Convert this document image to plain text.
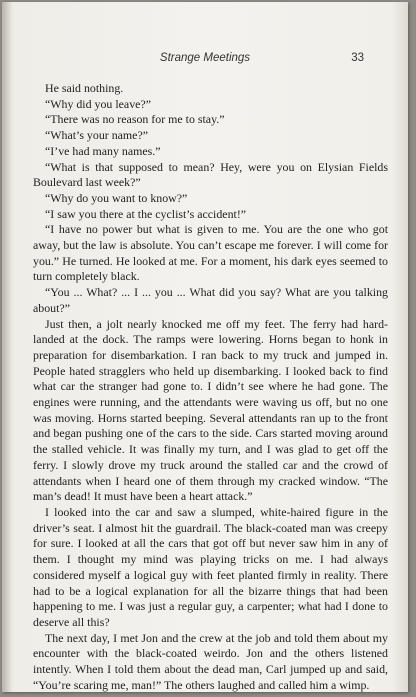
Strange Meetings	33

He said nothing.

“Why did you leave?”

“There was no reason for me to stay.”

“What’s your name?”

“I’ve had many names.”

“What is that supposed to mean? Hey, were you on Elysian Fields Boulevard last week?”

“Why do you want to know?”

“I saw you there at the cyclist’s accident!”

“I have no power but what is given to me. You are the one who got away, but the law is absolute. You can’t escape me forever. I will come for you.” He turned. He looked at me. For a moment, his dark eyes seemed to turn completely black.

“You ... What? ... I ... you ... What did you say? What are you talking about?”

Just then, a jolt nearly knocked me off my feet. The ferry had hard-landed at the dock. The ramps were lowering. Horns began to honk in preparation for disembarkation. I ran back to my truck and jumped in. People hated stragglers who held up disembarking. I looked back to find what car the stranger had gone to. I didn’t see where he had gone. The engines were running, and the attendants were waving us off, but no one was moving. Horns started beeping. Several attendants ran up to the front and began pushing one of the cars to the side. Cars started moving around the stalled vehicle. It was finally my turn, and I was glad to get off the ferry. I slowly drove my truck around the stalled car and the crowd of attendants when I heard one of them through my cracked window. “The man’s dead! It must have been a heart attack.”

I looked into the car and saw a slumped, white-haired figure in the driver’s seat. I almost hit the guardrail. The black-coated man was creepy for sure. I looked at all the cars that got off but never saw him in any of them. I thought my mind was playing tricks on me. I had always considered myself a logical guy with feet planted firmly in reality. There had to be a logical explanation for all the bizarre things that had been happening to me. I was just a regular guy, a carpenter; what had I done to deserve all this?

The next day, I met Jon and the crew at the job and told them about my encounter with the black-coated weirdo. Jon and the others listened intently. When I told them about the dead man, Carl jumped up and said, “You’re scaring me, man!” The others laughed and called him a wimp.
